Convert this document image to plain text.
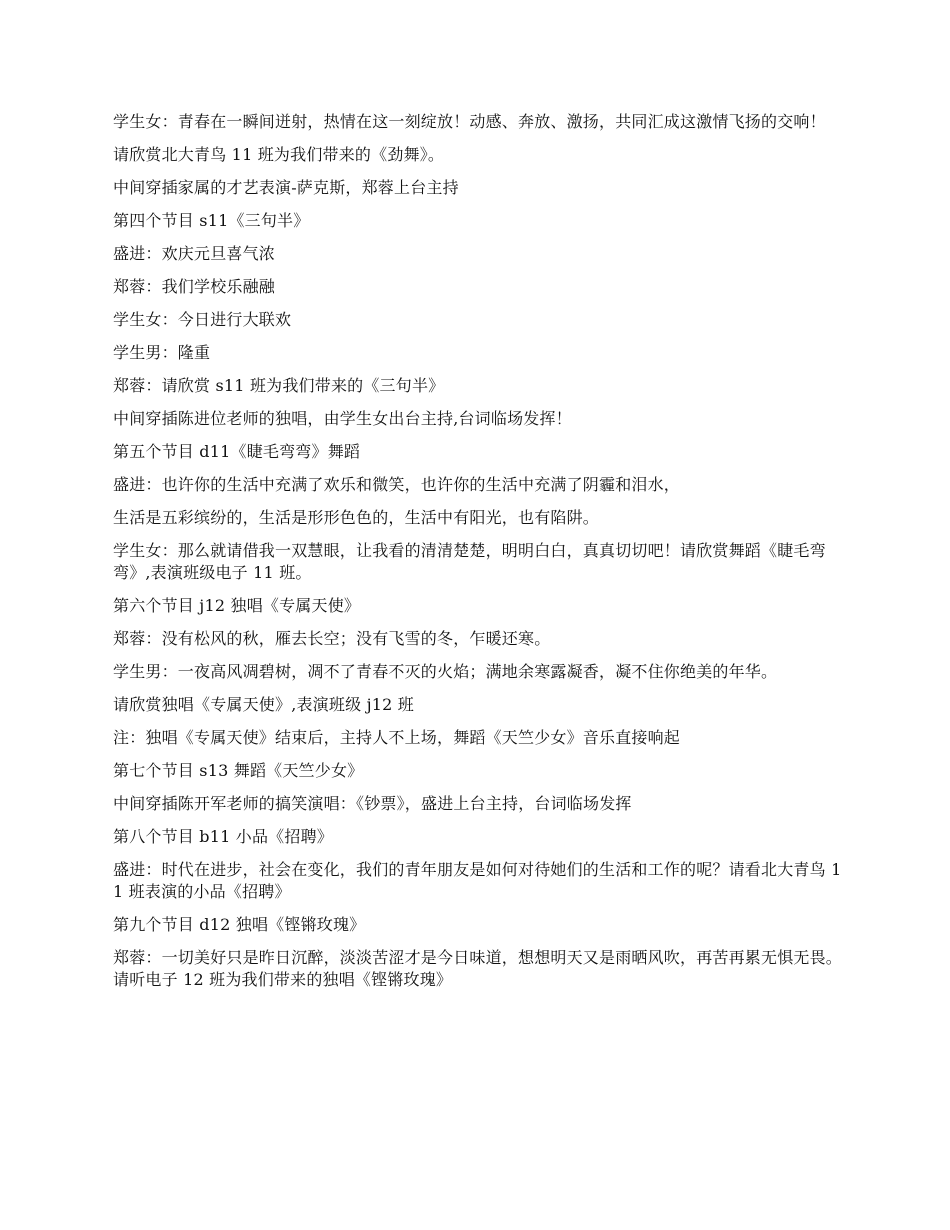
学生女：青春在一瞬间迸射，热情在这一刻绽放！动感、奔放、激扬，共同汇成这激情飞扬的交响！

请欣赏北大青鸟 11 班为我们带来的《劲舞》。

中间穿插家属的才艺表演-萨克斯，郑蓉上台主持

第四个节目 s11《三句半》

盛进：欢庆元旦喜气浓

郑蓉：我们学校乐融融

学生女：今日进行大联欢

学生男：隆重

郑蓉：请欣赏 s11 班为我们带来的《三句半》

中间穿插陈进位老师的独唱，由学生女出台主持,台词临场发挥！

第五个节目 d11《睫毛弯弯》舞蹈

盛进：也许你的生活中充满了欢乐和微笑，也许你的生活中充满了阴霾和泪水，

生活是五彩缤纷的，生活是形形色色的，生活中有阳光，也有陷阱。

学生女：那么就请借我一双慧眼，让我看的清清楚楚，明明白白，真真切切吧！请欣赏舞蹈《睫毛弯弯》,表演班级电子 11 班。

第六个节目 j12 独唱《专属天使》

郑蓉：没有松风的秋，雁去长空；没有飞雪的冬，乍暖还寒。

学生男：一夜高风凋碧树，凋不了青春不灭的火焰；满地余寒露凝香，凝不住你绝美的年华。

请欣赏独唱《专属天使》,表演班级 j12 班

注：独唱《专属天使》结束后，主持人不上场，舞蹈《天竺少女》音乐直接响起

第七个节目 s13 舞蹈《天竺少女》

中间穿插陈开军老师的搞笑演唱：《钞票》，盛进上台主持，台词临场发挥

第八个节目 b11 小品《招聘》

盛进：时代在进步，社会在变化，我们的青年朋友是如何对待她们的生活和工作的呢？请看北大青鸟 11 班表演的小品《招聘》

第九个节目 d12 独唱《铿锵玫瑰》

郑蓉：一切美好只是昨日沉醉，淡淡苦涩才是今日味道，想想明天又是雨晒风吹，再苦再累无惧无畏。请听电子 12 班为我们带来的独唱《铿锵玫瑰》
